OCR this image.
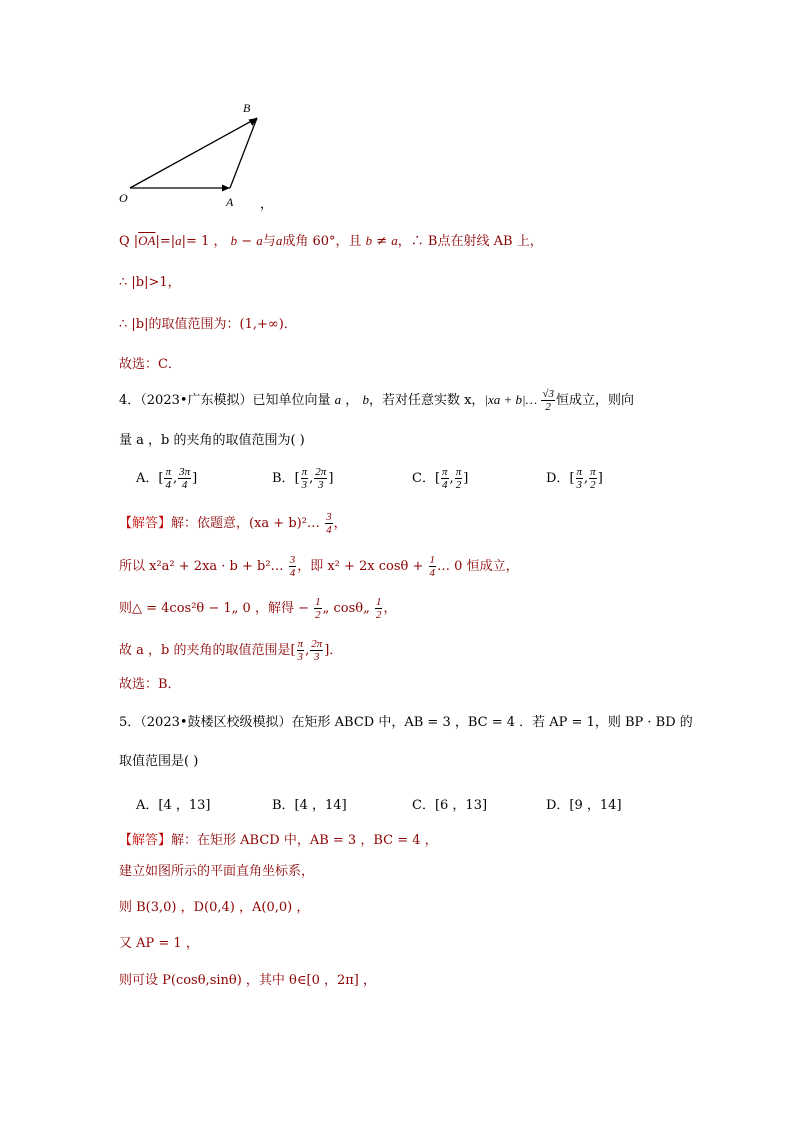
B
O	A ，
Q $|\overline{OA}|=|a|= 1$ ， b − a与a成角 60°，且 b ≠ a，∴ B点在射线 AB 上，
∴ |b|>1，
∴ |b|的取值范围为：(1,+∞)．
故选：C．
4．（2023•广东模拟）已知单位向量 a ， b，若对任意实数 x，|xa + b|… $\frac{√3}{2}$ 恒成立，则向
量 a ，b 的夹角的取值范围为( )
A．[ $\frac{\pi}{4}$ , $\frac{3\pi}{4}$ ]	B．[ $\frac{\pi}{3}$ , $\frac{2\pi}{3}$ ]	C．[ $\frac{\pi}{4}$ , $\frac{\pi}{2}$ ]	D．[ $\frac{\pi}{3}$ , $\frac{\pi}{2}$ ]
【解答】解：依题意，(xa + b)²… $\frac{3}{4}$ ，
所以 x²a² + 2xa · b + b²… $\frac{3}{4}$ ，即 x² + 2x $\cos\theta + \frac{1}{4}$ … 0 恒成立，
则△ = 4cos²θ − 1„ 0 ，解得 − $\frac{1}{2}$ „ cosθ„ $\frac{1}{2}$ ，
故 a ，b 的夹角的取值范围是[ $\frac{\pi}{3}$ , $\frac{2\pi}{3}$ ]．
故选：B．
5．（2023•鼓楼区校级模拟）在矩形 ABCD 中，AB = 3 ，BC = 4 ．若 AP = 1，则 BP · BD 的
取值范围是( )
A．[4 ，13]	B．[4 ，14]	C．[6 ，13]	D．[9 ，14]
【解答】解：在矩形 ABCD 中，AB = 3 ，BC = 4 ，
建立如图所示的平面直角坐标系，
则 B(3,0) ，D(0,4) ，A(0,0) ，
又 AP = 1 ，
则可设 P(cosθ,sinθ) ，其中 θ∈[0 ，2π] ，
